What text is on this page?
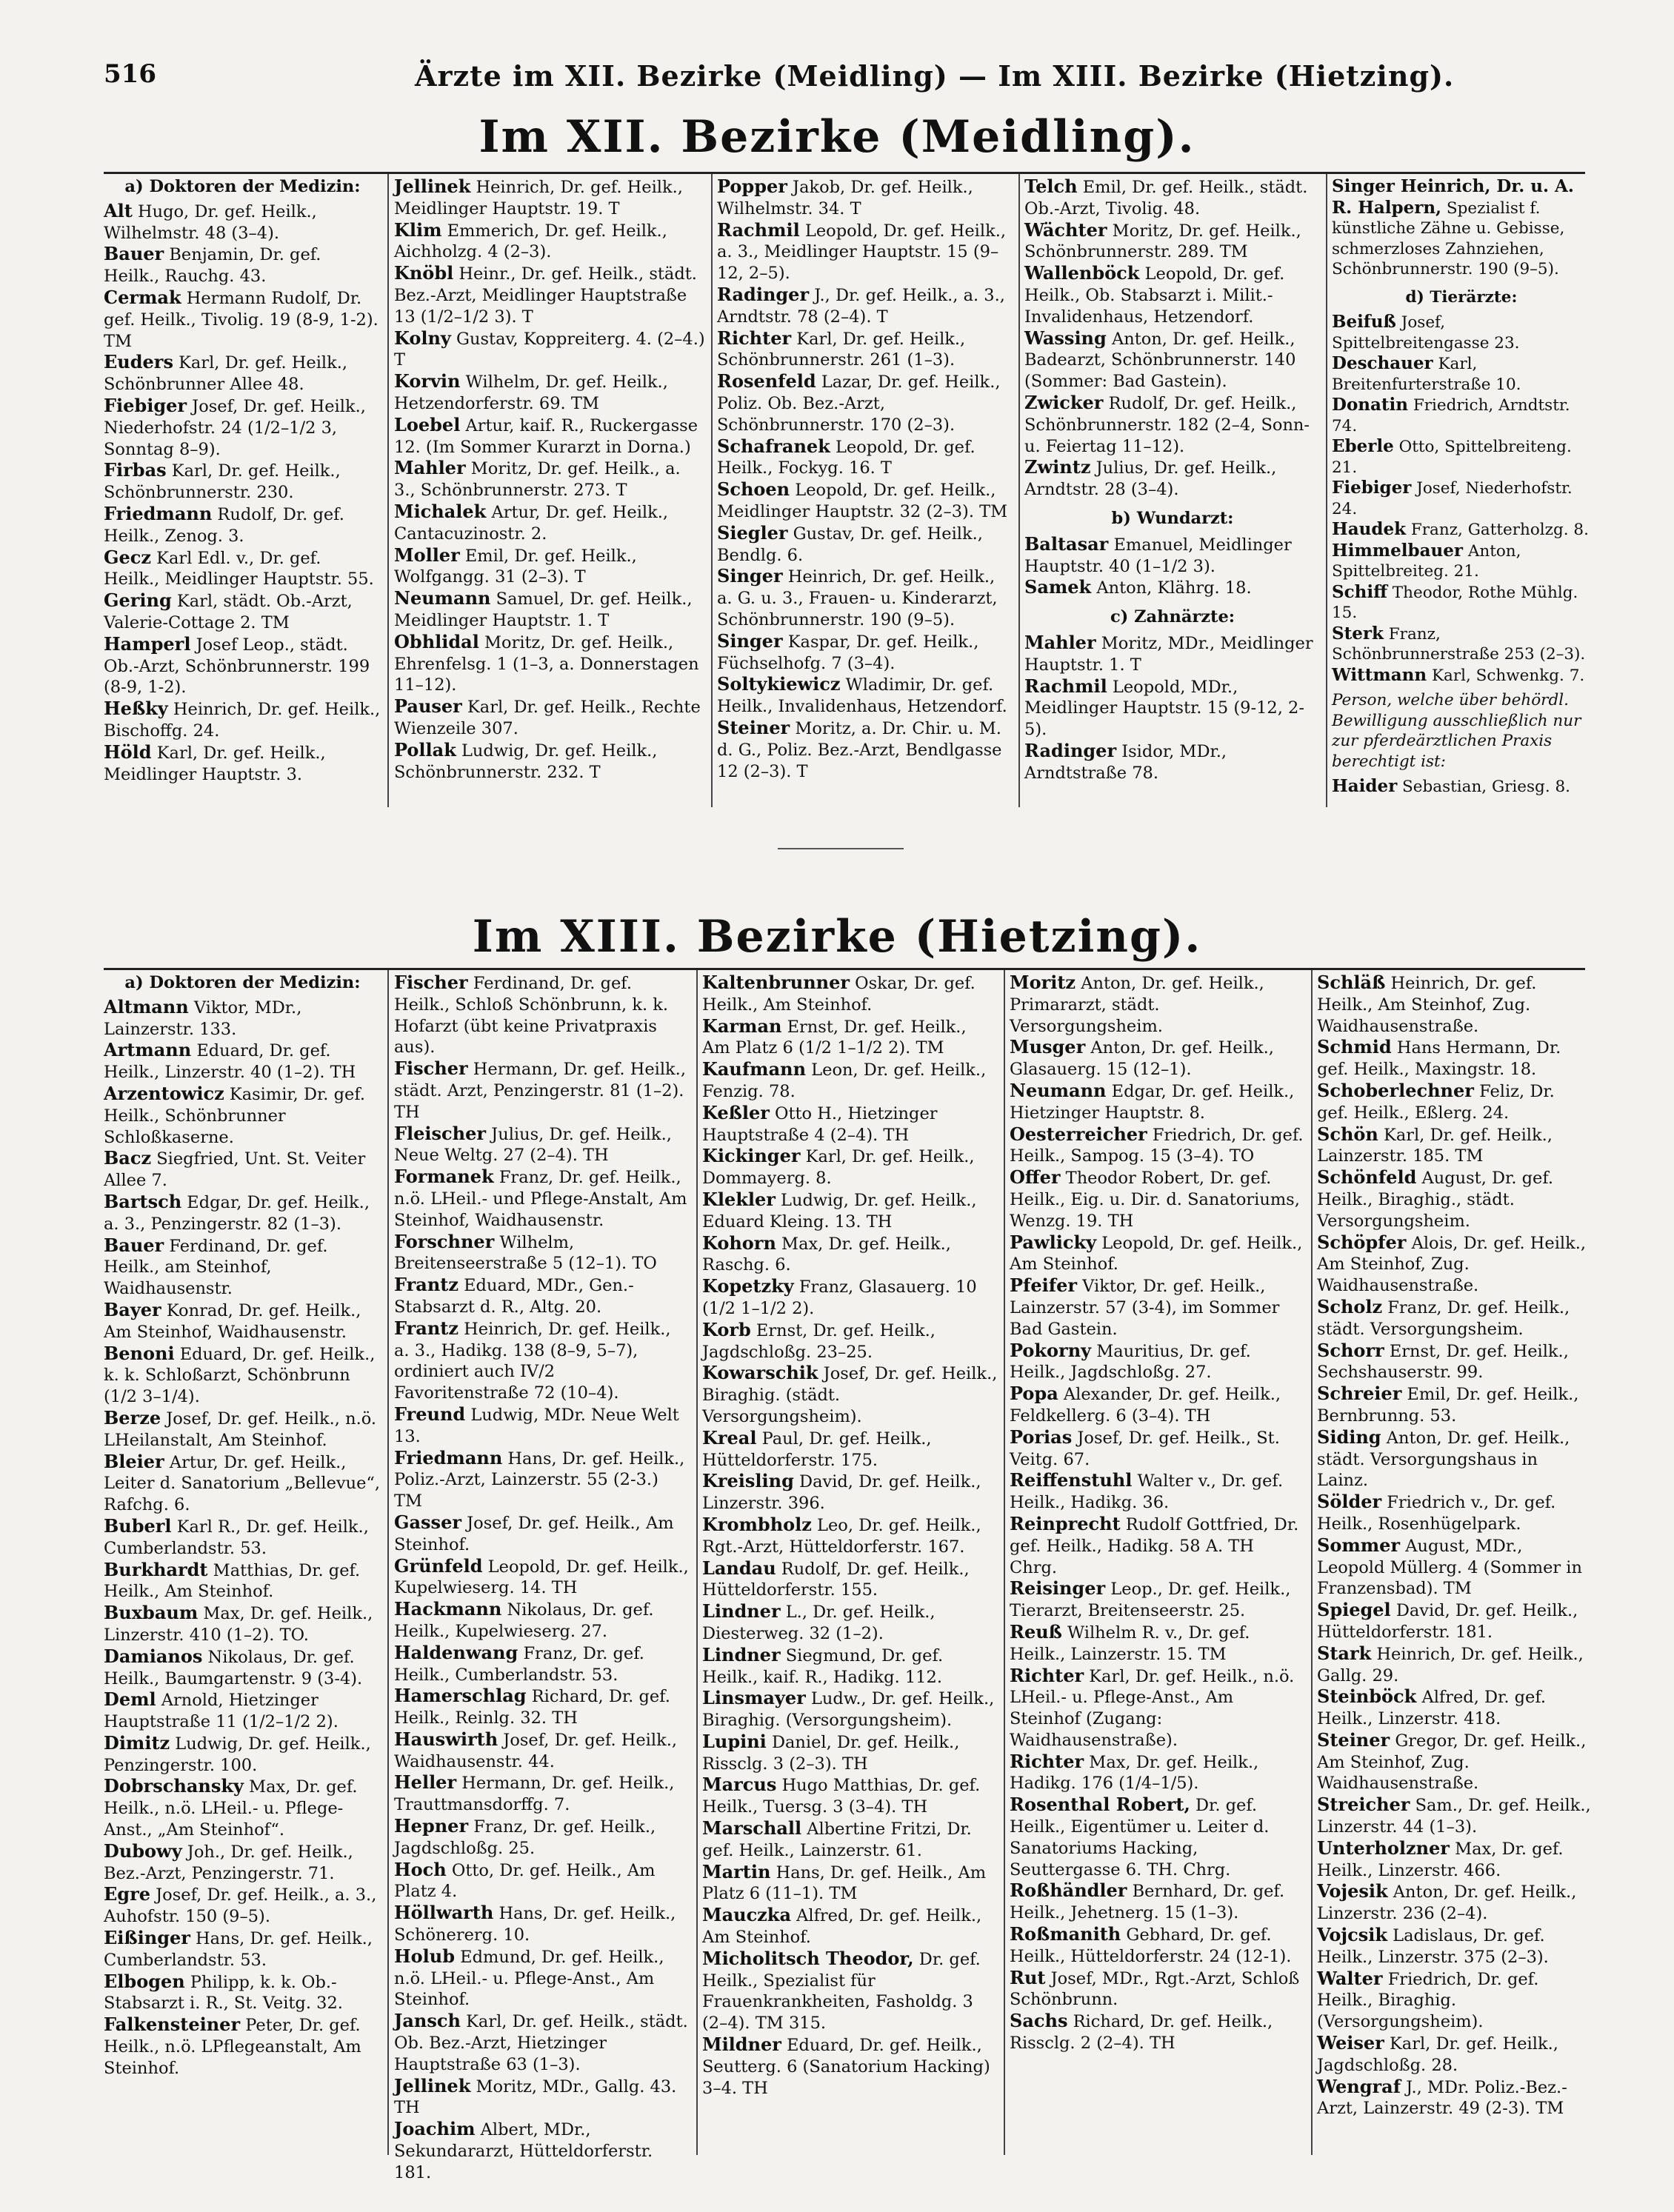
516	Ärzte im XII. Bezirke (Meidling) — Im XIII. Bezirke (Hietzing).
Im XII. Bezirke (Meidling).
a) Doktoren der Medizin:
Alt Hugo, Dr. gef. Heilk., Wilhelmstr. 48 (3–4).
Bauer Benjamin, Dr. gef. Heilk., Rauchg. 43.
Cermak Hermann Rudolf, Dr. gef. Heilk., Tivolig. 19 (8-9, 1-2). TM
Euders Karl, Dr. gef. Heilk., Schönbrunner Allee 48.
Fiebiger Josef, Dr. gef. Heilk., Niederhofstr. 24 (1/2–1/2 3, Sonntag 8–9).
Firbas Karl, Dr. gef. Heilk., Schönbrunnerstr. 230.
Friedmann Rudolf, Dr. gef. Heilk., Zenog. 3.
Gecz Karl Edl. v., Dr. gef. Heilk., Meidlinger Hauptstr. 55.
Gering Karl, städt. Ob.-Arzt, Valerie-Cottage 2. TM
Hamperl Josef Leop., städt. Ob.-Arzt, Schönbrunnerstr. 199 (8-9, 1-2).
Heßky Heinrich, Dr. gef. Heilk., Bischoffg. 24.
Höld Karl, Dr. gef. Heilk., Meidlinger Hauptstr. 3.
Jellinek Heinrich, Dr. gef. Heilk., Meidlinger Hauptstr. 19. T
Klim Emmerich, Dr. gef. Heilk., Aichholzg. 4 (2–3).
Knöbl Heinr., Dr. gef. Heilk., städt. Bez.-Arzt, Meidlinger Hauptstraße 13 (1/2–1/2 3). T
Kolny Gustav, Koppreiterg. 4. (2–4.) T
Korvin Wilhelm, Dr. gef. Heilk., Hetzendorferstr. 69. TM
Loebel Artur, kaif. R., Ruckergasse 12. (Im Sommer Kurarzt in Dorna.)
Mahler Moritz, Dr. gef. Heilk., a. 3., Schönbrunnerstr. 273. T
Michalek Artur, Dr. gef. Heilk., Cantacuzinostr. 2.
Moller Emil, Dr. gef. Heilk., Wolfgangg. 31 (2–3). T
Neumann Samuel, Dr. gef. Heilk., Meidlinger Hauptstr. 1. T
Obhlidal Moritz, Dr. gef. Heilk., Ehrenfelsg. 1 (1–3, a. Donnerstagen 11–12).
Pauser Karl, Dr. gef. Heilk., Rechte Wienzeile 307.
Pollak Ludwig, Dr. gef. Heilk., Schönbrunnerstr. 232. T
Popper Jakob, Dr. gef. Heilk., Wilhelmstr. 34. T
Rachmil Leopold, Dr. gef. Heilk., a. 3., Meidlinger Hauptstr. 15 (9–12, 2–5).
Radinger J., Dr. gef. Heilk., a. 3., Arndtstr. 78 (2–4). T
Richter Karl, Dr. gef. Heilk., Schönbrunnerstr. 261 (1–3).
Rosenfeld Lazar, Dr. gef. Heilk., Poliz. Ob. Bez.-Arzt, Schönbrunnerstr. 170 (2–3).
Schafranek Leopold, Dr. gef. Heilk., Fockyg. 16. T
Schoen Leopold, Dr. gef. Heilk., Meidlinger Hauptstr. 32 (2–3). TM
Siegler Gustav, Dr. gef. Heilk., Bendlg. 6.
Singer Heinrich, Dr. gef. Heilk., a. G. u. 3., Frauen- u. Kinderarzt, Schönbrunnerstr. 190 (9–5).
Singer Kaspar, Dr. gef. Heilk., Füchselhofg. 7 (3–4).
Soltykiewicz Wladimir, Dr. gef. Heilk., Invalidenhaus, Hetzendorf.
Steiner Moritz, a. Dr. Chir. u. M. d. G., Poliz. Bez.-Arzt, Bendlgasse 12 (2–3). T
Telch Emil, Dr. gef. Heilk., städt. Ob.-Arzt, Tivolig. 48.
Wächter Moritz, Dr. gef. Heilk., Schönbrunnerstr. 289. TM
Wallenböck Leopold, Dr. gef. Heilk., Ob. Stabsarzt i. Milit.-Invalidenhaus, Hetzendorf.
Wassing Anton, Dr. gef. Heilk., Badearzt, Schönbrunnerstr. 140 (Sommer: Bad Gastein).
Zwicker Rudolf, Dr. gef. Heilk., Schönbrunnerstr. 182 (2–4, Sonn- u. Feiertag 11–12).
Zwintz Julius, Dr. gef. Heilk., Arndtstr. 28 (3–4).
b) Wundarzt:
Baltasar Emanuel, Meidlinger Hauptstr. 40 (1–1/2 3).
Samek Anton, Klährg. 18.
c) Zahnärzte:
Mahler Moritz, MDr., Meidlinger Hauptstr. 1. T
Rachmil Leopold, MDr., Meidlinger Hauptstr. 15 (9-12, 2-5).
Radinger Isidor, MDr., Arndtstraße 78.
Singer Heinrich, Dr. u. A. R. Halpern, Spezialist f. künstliche Zähne u. Gebisse, schmerzloses Zahnziehen, Schönbrunnerstr. 190 (9–5).
d) Tierärzte:
Beifuß Josef, Spittelbreitengasse 23.
Deschauer Karl, Breitenfurterstraße 10.
Donatin Friedrich, Arndtstr. 74.
Eberle Otto, Spittelbreiteng. 21.
Fiebiger Josef, Niederhofstr. 24.
Haudek Franz, Gatterholzg. 8.
Himmelbauer Anton, Spittelbreiteg. 21.
Schiff Theodor, Rothe Mühlg. 15.
Sterk Franz, Schönbrunnerstraße 253 (2–3).
Wittmann Karl, Schwenkg. 7.
Person, welche über behördl. Bewilligung ausschließlich nur zur pferdeärztlichen Praxis berechtigt ist:
Haider Sebastian, Griesg. 8.
Im XIII. Bezirke (Hietzing).
a) Doktoren der Medizin:
Altmann Viktor, MDr., Lainzerstr. 133.
Artmann Eduard, Dr. gef. Heilk., Linzerstr. 40 (1–2). TH
Arzentowicz Kasimir, Dr. gef. Heilk., Schönbrunner Schloßkaserne.
Bacz Siegfried, Unt. St. Veiter Allee 7.
Bartsch Edgar, Dr. gef. Heilk., a. 3., Penzingerstr. 82 (1–3).
Bauer Ferdinand, Dr. gef. Heilk., am Steinhof, Waidhausenstr.
Bayer Konrad, Dr. gef. Heilk., Am Steinhof, Waidhausenstr.
Benoni Eduard, Dr. gef. Heilk., k. k. Schloßarzt, Schönbrunn (1/2 3–1/4).
Berze Josef, Dr. gef. Heilk., n.ö. LHeilanstalt, Am Steinhof.
Bleier Artur, Dr. gef. Heilk., Leiter d. Sanatorium „Bellevue“, Rafchg. 6.
Buberl Karl R., Dr. gef. Heilk., Cumberlandstr. 53.
Burkhardt Matthias, Dr. gef. Heilk., Am Steinhof.
Buxbaum Max, Dr. gef. Heilk., Linzerstr. 410 (1–2). TO.
Damianos Nikolaus, Dr. gef. Heilk., Baumgartenstr. 9 (3-4).
Deml Arnold, Hietzinger Hauptstraße 11 (1/2–1/2 2).
Dimitz Ludwig, Dr. gef. Heilk., Penzingerstr. 100.
Dobrschansky Max, Dr. gef. Heilk., n.ö. LHeil.- u. Pflege-Anst., „Am Steinhof“.
Dubowy Joh., Dr. gef. Heilk., Bez.-Arzt, Penzingerstr. 71.
Egre Josef, Dr. gef. Heilk., a. 3., Auhofstr. 150 (9–5).
Eißinger Hans, Dr. gef. Heilk., Cumberlandstr. 53.
Elbogen Philipp, k. k. Ob.-Stabsarzt i. R., St. Veitg. 32.
Falkensteiner Peter, Dr. gef. Heilk., n.ö. LPflegeanstalt, Am Steinhof.
Fischer Ferdinand, Dr. gef. Heilk., Schloß Schönbrunn, k. k. Hofarzt (übt keine Privatpraxis aus).
Fischer Hermann, Dr. gef. Heilk., städt. Arzt, Penzingerstr. 81 (1–2). TH
Fleischer Julius, Dr. gef. Heilk., Neue Weltg. 27 (2–4). TH
Formanek Franz, Dr. gef. Heilk., n.ö. LHeil.- und Pflege-Anstalt, Am Steinhof, Waidhausenstr.
Forschner Wilhelm, Breitenseerstraße 5 (12–1). TO
Frantz Eduard, MDr., Gen.-Stabsarzt d. R., Altg. 20.
Frantz Heinrich, Dr. gef. Heilk., a. 3., Hadikg. 138 (8–9, 5–7), ordiniert auch IV/2 Favoritenstraße 72 (10–4).
Freund Ludwig, MDr. Neue Welt 13.
Friedmann Hans, Dr. gef. Heilk., Poliz.-Arzt, Lainzerstr. 55 (2-3.) TM
Gasser Josef, Dr. gef. Heilk., Am Steinhof.
Grünfeld Leopold, Dr. gef. Heilk., Kupelwieserg. 14. TH
Hackmann Nikolaus, Dr. gef. Heilk., Kupelwieserg. 27.
Haldenwang Franz, Dr. gef. Heilk., Cumberlandstr. 53.
Hamerschlag Richard, Dr. gef. Heilk., Reinlg. 32. TH
Hauswirth Josef, Dr. gef. Heilk., Waidhausenstr. 44.
Heller Hermann, Dr. gef. Heilk., Trauttmansdorffg. 7.
Hepner Franz, Dr. gef. Heilk., Jagdschloßg. 25.
Hoch Otto, Dr. gef. Heilk., Am Platz 4.
Höllwarth Hans, Dr. gef. Heilk., Schönererg. 10.
Holub Edmund, Dr. gef. Heilk., n.ö. LHeil.- u. Pflege-Anst., Am Steinhof.
Jansch Karl, Dr. gef. Heilk., städt. Ob. Bez.-Arzt, Hietzinger Hauptstraße 63 (1–3).
Jellinek Moritz, MDr., Gallg. 43. TH
Joachim Albert, MDr., Sekundararzt, Hütteldorferstr. 181.
Kaltenbrunner Oskar, Dr. gef. Heilk., Am Steinhof.
Karman Ernst, Dr. gef. Heilk., Am Platz 6 (1/2 1–1/2 2). TM
Kaufmann Leon, Dr. gef. Heilk., Fenzig. 78.
Keßler Otto H., Hietzinger Hauptstraße 4 (2–4). TH
Kickinger Karl, Dr. gef. Heilk., Dommayerg. 8.
Klekler Ludwig, Dr. gef. Heilk., Eduard Kleing. 13. TH
Kohorn Max, Dr. gef. Heilk., Raschg. 6.
Kopetzky Franz, Glasauerg. 10 (1/2 1–1/2 2).
Korb Ernst, Dr. gef. Heilk., Jagdschloßg. 23–25.
Kowarschik Josef, Dr. gef. Heilk., Biraghig. (städt. Versorgungsheim).
Kreal Paul, Dr. gef. Heilk., Hütteldorferstr. 175.
Kreisling David, Dr. gef. Heilk., Linzerstr. 396.
Krombholz Leo, Dr. gef. Heilk., Rgt.-Arzt, Hütteldorferstr. 167.
Landau Rudolf, Dr. gef. Heilk., Hütteldorferstr. 155.
Lindner L., Dr. gef. Heilk., Diesterweg. 32 (1–2).
Lindner Siegmund, Dr. gef. Heilk., kaif. R., Hadikg. 112.
Linsmayer Ludw., Dr. gef. Heilk., Biraghig. (Versorgungsheim).
Lupini Daniel, Dr. gef. Heilk., Rissclg. 3 (2–3). TH
Marcus Hugo Matthias, Dr. gef. Heilk., Tuersg. 3 (3–4). TH
Marschall Albertine Fritzi, Dr. gef. Heilk., Lainzerstr. 61.
Martin Hans, Dr. gef. Heilk., Am Platz 6 (11–1). TM
Mauczka Alfred, Dr. gef. Heilk., Am Steinhof.
Micholitsch Theodor, Dr. gef. Heilk., Spezialist für Frauenkrankheiten, Fasholdg. 3 (2–4). TM 315.
Mildner Eduard, Dr. gef. Heilk., Seutterg. 6 (Sanatorium Hacking) 3–4. TH
Moritz Anton, Dr. gef. Heilk., Primararzt, städt. Versorgungsheim.
Musger Anton, Dr. gef. Heilk., Glasauerg. 15 (12–1).
Neumann Edgar, Dr. gef. Heilk., Hietzinger Hauptstr. 8.
Oesterreicher Friedrich, Dr. gef. Heilk., Sampog. 15 (3–4). TO
Offer Theodor Robert, Dr. gef. Heilk., Eig. u. Dir. d. Sanatoriums, Wenzg. 19. TH
Pawlicky Leopold, Dr. gef. Heilk., Am Steinhof.
Pfeifer Viktor, Dr. gef. Heilk., Lainzerstr. 57 (3-4), im Sommer Bad Gastein.
Pokorny Mauritius, Dr. gef. Heilk., Jagdschloßg. 27.
Popa Alexander, Dr. gef. Heilk., Feldkellerg. 6 (3–4). TH
Porias Josef, Dr. gef. Heilk., St. Veitg. 67.
Reiffenstuhl Walter v., Dr. gef. Heilk., Hadikg. 36.
Reinprecht Rudolf Gottfried, Dr. gef. Heilk., Hadikg. 58 A. TH Chrg.
Reisinger Leop., Dr. gef. Heilk., Tierarzt, Breitenseerstr. 25.
Reuß Wilhelm R. v., Dr. gef. Heilk., Lainzerstr. 15. TM
Richter Karl, Dr. gef. Heilk., n.ö. LHeil.- u. Pflege-Anst., Am Steinhof (Zugang: Waidhausenstraße).
Richter Max, Dr. gef. Heilk., Hadikg. 176 (1/4–1/5).
Rosenthal Robert, Dr. gef. Heilk., Eigentümer u. Leiter d. Sanatoriums Hacking, Seuttergasse 6. TH. Chrg.
Roßhändler Bernhard, Dr. gef. Heilk., Jehetnerg. 15 (1–3).
Roßmanith Gebhard, Dr. gef. Heilk., Hütteldorferstr. 24 (12-1).
Rut Josef, MDr., Rgt.-Arzt, Schloß Schönbrunn.
Sachs Richard, Dr. gef. Heilk., Rissclg. 2 (2–4). TH
Schläß Heinrich, Dr. gef. Heilk., Am Steinhof, Zug. Waidhausenstraße.
Schmid Hans Hermann, Dr. gef. Heilk., Maxingstr. 18.
Schoberlechner Feliz, Dr. gef. Heilk., Eßlerg. 24.
Schön Karl, Dr. gef. Heilk., Lainzerstr. 185. TM
Schönfeld August, Dr. gef. Heilk., Biraghig., städt. Versorgungsheim.
Schöpfer Alois, Dr. gef. Heilk., Am Steinhof, Zug. Waidhausenstraße.
Scholz Franz, Dr. gef. Heilk., städt. Versorgungsheim.
Schorr Ernst, Dr. gef. Heilk., Sechshauserstr. 99.
Schreier Emil, Dr. gef. Heilk., Bernbrunng. 53.
Siding Anton, Dr. gef. Heilk., städt. Versorgungshaus in Lainz.
Sölder Friedrich v., Dr. gef. Heilk., Rosenhügelpark.
Sommer August, MDr., Leopold Müllerg. 4 (Sommer in Franzensbad). TM
Spiegel David, Dr. gef. Heilk., Hütteldorferstr. 181.
Stark Heinrich, Dr. gef. Heilk., Gallg. 29.
Steinböck Alfred, Dr. gef. Heilk., Linzerstr. 418.
Steiner Gregor, Dr. gef. Heilk., Am Steinhof, Zug. Waidhausenstraße.
Streicher Sam., Dr. gef. Heilk., Linzerstr. 44 (1–3).
Unterholzner Max, Dr. gef. Heilk., Linzerstr. 466.
Vojesik Anton, Dr. gef. Heilk., Linzerstr. 236 (2–4).
Vojcsik Ladislaus, Dr. gef. Heilk., Linzerstr. 375 (2–3).
Walter Friedrich, Dr. gef. Heilk., Biraghig. (Versorgungsheim).
Weiser Karl, Dr. gef. Heilk., Jagdschloßg. 28.
Wengraf J., MDr. Poliz.-Bez.-Arzt, Lainzerstr. 49 (2-3). TM
